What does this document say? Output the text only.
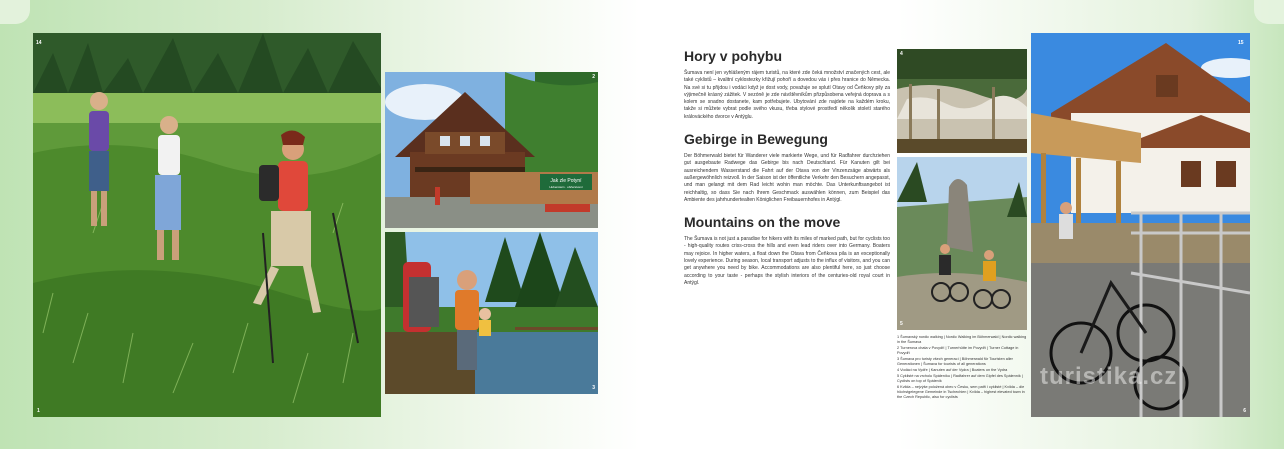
1
14
Jak zle Potyní
Hubenstein · občerstvení
2
3
Hory v pohybu

Šumava není jen vyhlášeným rájem turistů, na které zde čeká množství značených cest, ale také cyklistů – kvalitní cyklostezky křižují pohoří a dovedou vás i přes hranice do Německa. Na své si tu přijdou i vodáci když je dost vody, považuje se splutí Otavy od Čeňkovy pily za výjimečně krásný zážitek. V sezóně je zde návštěvníkům přizpůsobena veřejná doprava a s kolem se snadno dostanete, kam potřebujete. Ubytování zde najdete na každém kroku, takže si můžete vybrat podle svého vkusu, třeba stylové prostředí několik století starého králováckého dvorce v Antýglu.

Gebirge in Bewegung

Der Böhmerwald bietet für Wanderer viele markierte Wege, und für Radfahrer durchziehen gut ausgebaute Radwege das Gebirge bis nach Deutschland. Für Kanuten gilt bei ausreichendem Wasserstand die Fahrt auf der Otava von der Vinzenzsäge abwärts als außergewöhnlich reizvoll. In der Saison ist der öffentliche Verkehr den Besuchern angepasst, und man gelangt mit dem Rad leicht wohin man möchte. Das Unterkunftsangebot ist reichhaltig, so dass Sie nach Ihrem Geschmack auswählen können, zum Beispiel das Ambiente des jahrhundertealten Königlichen Freibauernhofes in Antýgl.

Mountains on the move

The Šumava is not just a paradise for hikers with its miles of marked path, but for cyclists too - high-quality routes criss-cross the hills and even lead riders over into Germany. Boaters may rejoice. In higher waters, a float down the Otava from Čeňkova pila is an exceptionally lovely experience. During season, local transport adjusts to the influx of visitors, and you can get anywhere you need by bike. Accommodations are also plentiful here, so just choose according to your taste - perhaps the stylish interiors of the centuries-old royal court in Antýgl.

4
5
1 Šumavský nordic walking | Nordic Walking im Böhmerwald | Nordic walking in the Šumava
2 Turnerova chata v Povydří | Turnerhütte im Povydří | Turner Cottage in Povydří
3 Šumava pro turisty všech generací | Böhmerwald für Touristen aller Generationen | Šumava for tourists of all generations
4 Vodáci na Vydře | Kanuten auf der Vydra | Boaters on the Vydra
5 Cyklisté na vrcholu Spáleníku | Radfahrer auf dem Gipfel des Spálenník | Cyclists on top of Spáleník
6 Kvilda – nejvýše položená obec v Česku, sem patří i cyklisté | Kvilda – die höchstgelegene Gemeinde in Tschechien | Kvilda – highest elevated town in the Czech Republic, also for cyclists
6
15
turistika.cz
